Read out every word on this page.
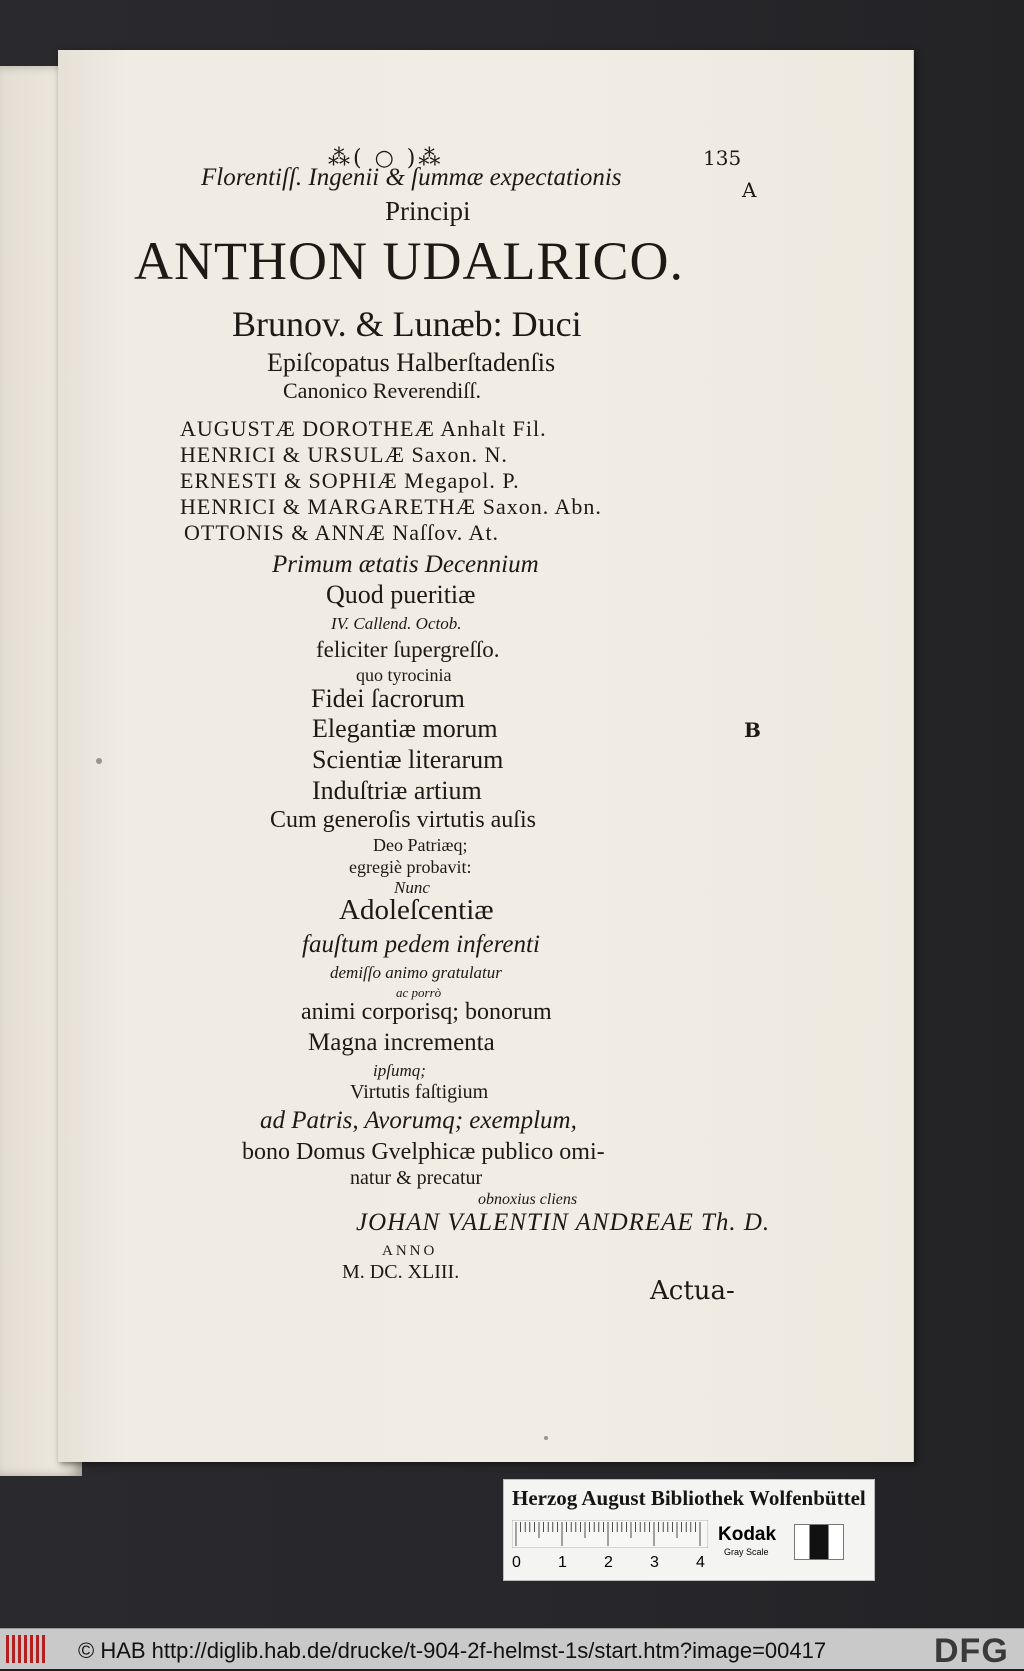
⁂( ○ )⁂	135
A
B
Florentiſſ. Ingenii & ſummæ expectationis
Principi
ANTHON UDALRICO.
Brunov. & Lunæb: Duci
Epiſcopatus Halberſtadenſis
Canonico Reverendiſſ.
AUGUSTÆ DOROTHEÆ Anhalt Fil.
HENRICI & URSULÆ Saxon. N.
ERNESTI & SOPHIÆ Megapol. P.
HENRICI & MARGARETHÆ Saxon. Abn.
OTTONIS & ANNÆ Naſſov. At.
Primum ætatis Decennium
Quod pueritiæ
IV. Callend. Octob.
feliciter ſupergreſſo.
quo tyrocinia
Fidei ſacrorum
Elegantiæ morum
Scientiæ literarum
Induſtriæ artium
Cum generoſis virtutis auſis
Deo Patriæq;
egregiè probavit:
Nunc
Adoleſcentiæ
fauſtum pedem inferenti
demiſſo animo gratulatur
ac porrò
animi corporisq; bonorum
Magna incrementa
ipſumq;
Virtutis faſtigium
ad Patris, Avorumq; exemplum,
bono Domus Gvelphicæ publico omi-
natur & precatur
obnoxius cliens
JOHAN VALENTIN ANDREAE Th. D.
ANNO
M. DC. XLIII.
Actua-
Herzog August Bibliothek Wolfenbüttel
0 1 2 3 4
Kodak
Gray Scale
© HAB http://diglib.hab.de/drucke/t-904-2f-helmst-1s/start.htm?image=00417	DFG
